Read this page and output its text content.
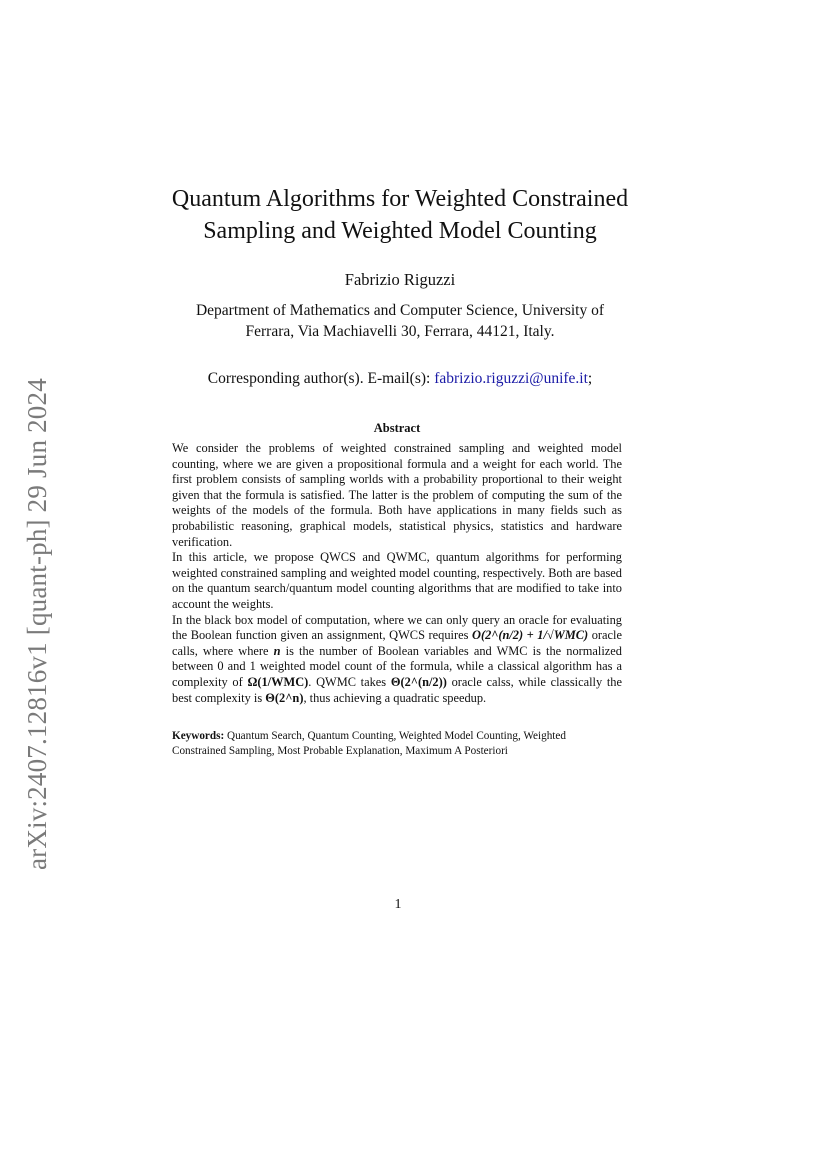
arXiv:2407.12816v1 [quant-ph] 29 Jun 2024
Quantum Algorithms for Weighted Constrained
Sampling and Weighted Model Counting
Fabrizio Riguzzi
Department of Mathematics and Computer Science, University of
Ferrara, Via Machiavelli 30, Ferrara, 44121, Italy.
Corresponding author(s). E-mail(s): fabrizio.riguzzi@unife.it;
Abstract

We consider the problems of weighted constrained sampling and weighted model counting, where we are given a propositional formula and a weight for each world. The first problem consists of sampling worlds with a probability proportional to their weight given that the formula is satisfied. The latter is the problem of computing the sum of the weights of the models of the formula. Both have applications in many fields such as probabilistic reasoning, graphical models, statistical physics, statistics and hardware verification.

In this article, we propose QWCS and QWMC, quantum algorithms for performing weighted constrained sampling and weighted model counting, respectively. Both are based on the quantum search/quantum model counting algorithms that are modified to take into account the weights.

In the black box model of computation, where we can only query an oracle for evaluating the Boolean function given an assignment, QWCS requires O(2^(n/2) + 1/√WMC) oracle calls, where where n is the number of Boolean variables and WMC is the normalized between 0 and 1 weighted model count of the formula, while a classical algorithm has a complexity of Ω(1/WMC). QWMC takes Θ(2^(n/2)) oracle calss, while classically the best complexity is Θ(2^n), thus achieving a quadratic speedup.

Keywords: Quantum Search, Quantum Counting, Weighted Model Counting, Weighted Constrained Sampling, Most Probable Explanation, Maximum A Posteriori
1
